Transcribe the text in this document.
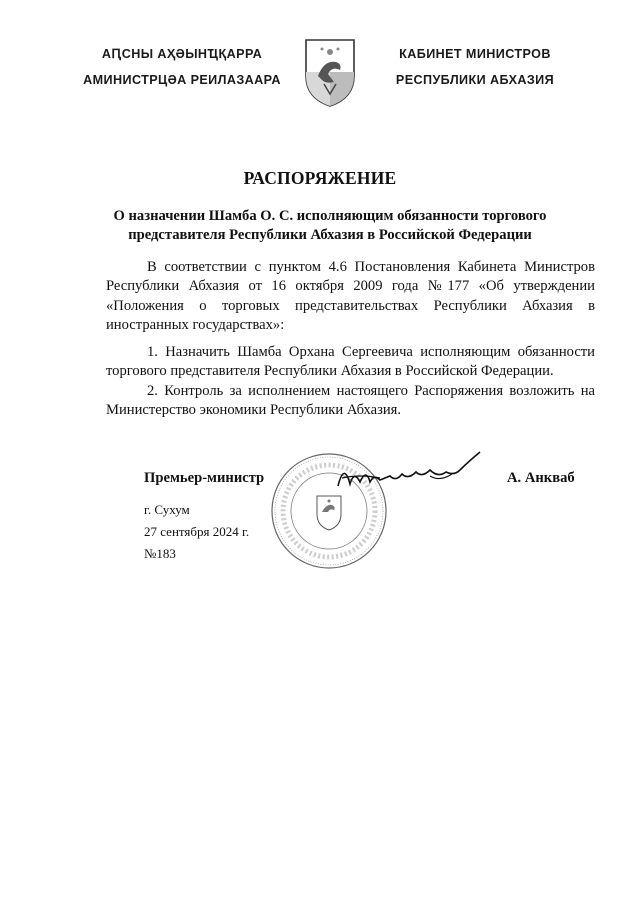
АԤСНЫ АҲƏЫНҴҚАРРА
АМИНИСТРЦƏА РЕИЛАЗААРА
КАБИНЕТ МИНИСТРОВ
РЕСПУБЛИКИ АБХАЗИЯ
РАСПОРЯЖЕНИЕ
О назначении Шамба О. С. исполняющим обязанности торгового
представителя Республики Абхазия в Российской Федерации

В соответствии с пунктом 4.6 Постановления Кабинета Министров Республики Абхазия от 16 октября 2009 года №177 «Об утверждении «Положения о торговых представительствах Республики Абхазия в иностранных государствах»:

1. Назначить Шамба Орхана Сергеевича исполняющим обязанности торгового представителя Республики Абхазия в Российской Федерации.

2. Контроль за исполнением настоящего Распоряжения возложить на Министерство экономики Республики Абхазия.

Премьер-министр	А. Анкваб
г. Сухум
27 сентября 2024 г.
№183
